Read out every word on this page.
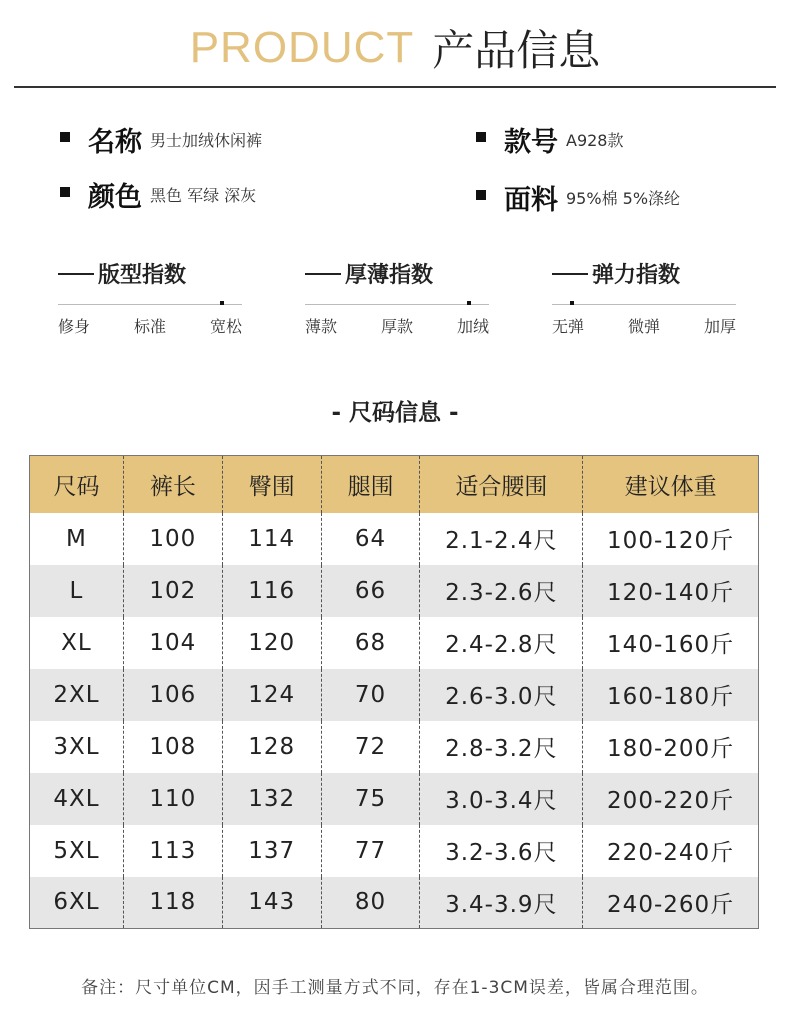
PRODUCT 产品信息
名称 男士加绒休闲裤	款号 A928款
颜色 黑色 军绿 深灰	面料 95%棉 5%涤纶
版型指数
修身	标准	宽松
厚薄指数
薄款	厚款	加绒
弹力指数
无弹	微弹	加厚
- 尺码信息 -
尺码	裤长	臀围	腿围	适合腰围	建议体重
M	100	114	64	2.1-2.4尺	100-120斤
L	102	116	66	2.3-2.6尺	120-140斤
XL	104	120	68	2.4-2.8尺	140-160斤
2XL	106	124	70	2.6-3.0尺	160-180斤
3XL	108	128	72	2.8-3.2尺	180-200斤
4XL	110	132	75	3.0-3.4尺	200-220斤
5XL	113	137	77	3.2-3.6尺	220-240斤
6XL	118	143	80	3.4-3.9尺	240-260斤
备注：尺寸单位CM，因手工测量方式不同，存在1-3CM误差，皆属合理范围。
